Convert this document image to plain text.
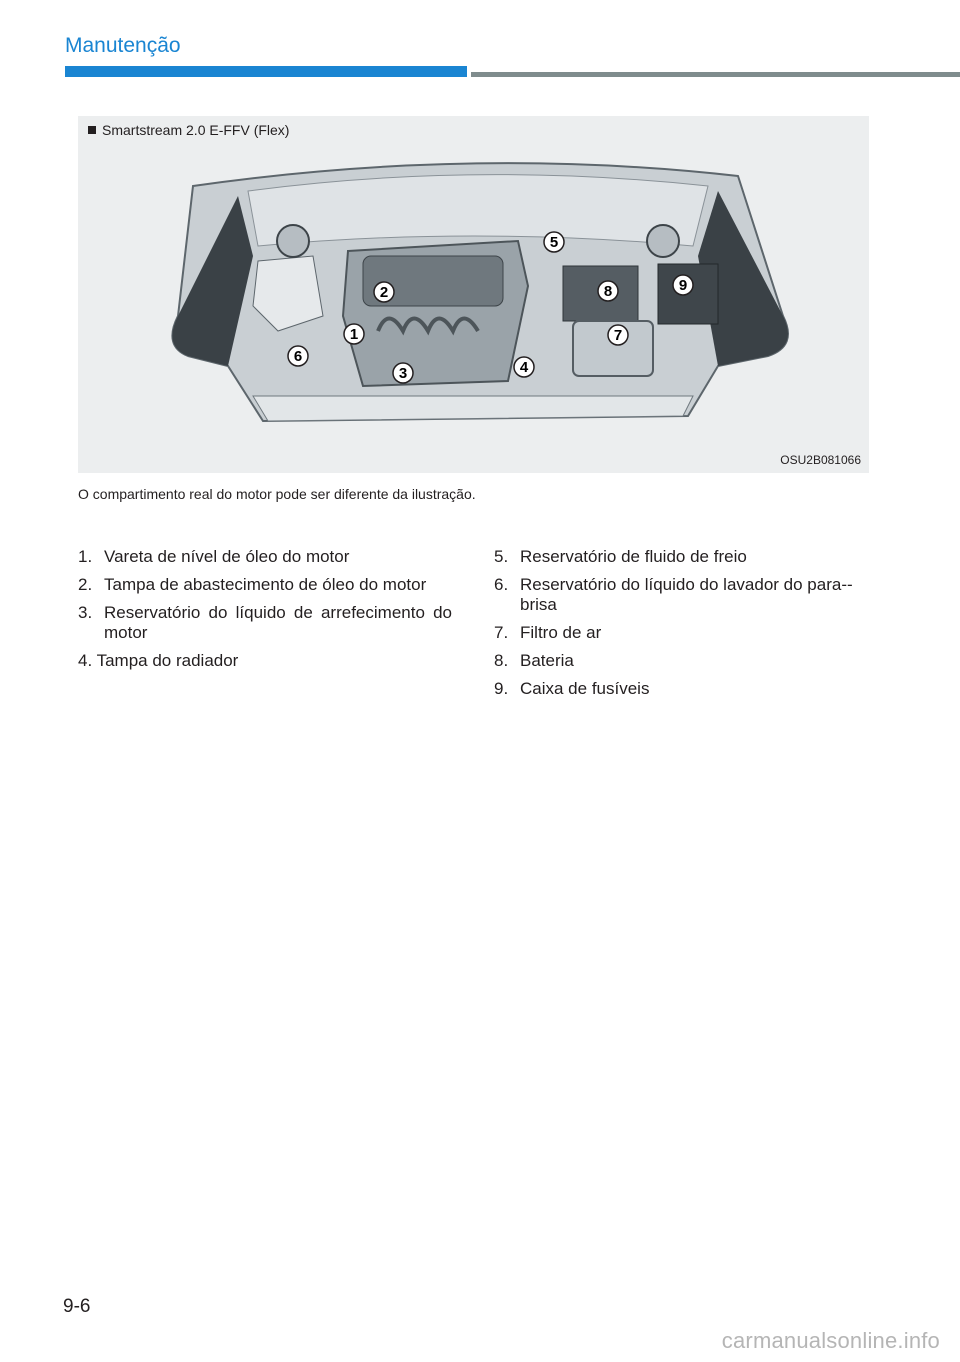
Manutenção
1
2
3	4
5
6
7
8	9
Smartstream 2.0 E-FFV (Flex)
OSU2B081066
O compartimento real do motor pode ser diferente da ilustração.
1. Vareta de nível de óleo do motor
2. Tampa de abastecimento de óleo do motor
3. Reservatório do líquido de arrefecimento do motor
4. Tampa do radiador
5. Reservatório de fluido de freio
6. Reservatório do líquido do lavador do para--brisa
7. Filtro de ar
8. Bateria
9. Caixa de fusíveis
9-6
carmanualsonline.info
